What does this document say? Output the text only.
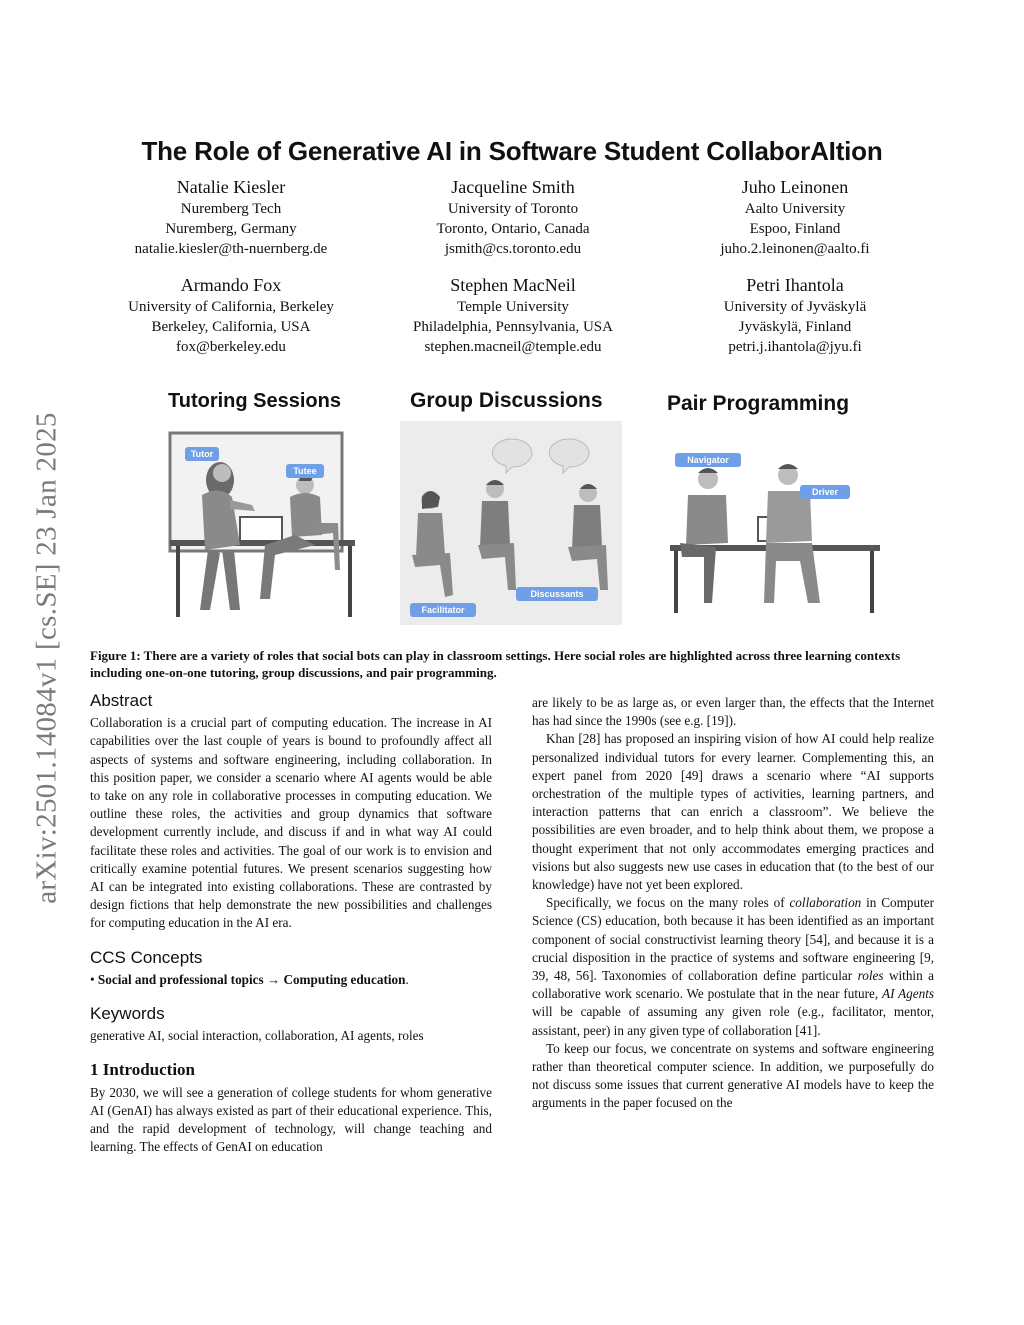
arXiv:2501.14084v1 [cs.SE] 23 Jan 2025
The Role of Generative AI in Software Student CollaborAItion
Natalie Kiesler
Nuremberg Tech
Nuremberg, Germany
natalie.kiesler@th-nuernberg.de
Jacqueline Smith
University of Toronto
Toronto, Ontario, Canada
jsmith@cs.toronto.edu
Juho Leinonen
Aalto University
Espoo, Finland
juho.2.leinonen@aalto.fi
Armando Fox
University of California, Berkeley
Berkeley, California, USA
fox@berkeley.edu
Stephen MacNeil
Temple University
Philadelphia, Pennsylvania, USA
stephen.macneil@temple.edu
Petri Ihantola
University of Jyväskylä
Jyväskylä, Finland
petri.j.ihantola@jyu.fi
Tutoring Sessions	Group Discussions	Pair Programming
Tutor
Tutee
Facilitator
Discussants
Navigator
Driver

Figure 1: There are a variety of roles that social bots can play in classroom settings. Here social roles are highlighted across three learning contexts including one-on-one tutoring, group discussions, and pair programming.

Abstract

Collaboration is a crucial part of computing education. The increase in AI capabilities over the last couple of years is bound to profoundly affect all aspects of systems and software engineering, including collaboration. In this position paper, we consider a scenario where AI agents would be able to take on any role in collaborative processes in computing education. We outline these roles, the activities and group dynamics that software development currently include, and discuss if and in what way AI could facilitate these roles and activities. The goal of our work is to envision and critically examine potential futures. We present scenarios suggesting how AI can be integrated into existing collaborations. These are contrasted by design fictions that help demonstrate the new possibilities and challenges for computing education in the AI era.

CCS Concepts

• Social and professional topics → Computing education.

Keywords

generative AI, social interaction, collaboration, AI agents, roles

1 Introduction

By 2030, we will see a generation of college students for whom generative AI (GenAI) has always existed as part of their educational experience. This, and the rapid development of technology, will change teaching and learning. The effects of GenAI on education

are likely to be as large as, or even larger than, the effects that the Internet has had since the 1990s (see e.g. [19]).

Khan [28] has proposed an inspiring vision of how AI could help realize personalized individual tutors for every learner. Complementing this, an expert panel from 2020 [49] draws a scenario where “AI supports orchestration of the multiple types of activities, learning partners, and interaction patterns that can enrich a classroom”. We believe the possibilities are even broader, and to help think about them, we propose a thought experiment that not only accommodates emerging practices and visions but also suggests new use cases in education that (to the best of our knowledge) have not yet been explored.

Specifically, we focus on the many roles of collaboration in Computer Science (CS) education, both because it has been identified as an important component of social constructivist learning theory [54], and because it is a crucial disposition in the practice of systems and software engineering [9, 39, 48, 56]. Taxonomies of collaboration define particular roles within a collaborative work scenario. We postulate that in the near future, AI Agents will be capable of assuming any given role (e.g., facilitator, mentor, assistant, peer) in any given type of collaboration [41].

To keep our focus, we concentrate on systems and software engineering rather than theoretical computer science. In addition, we purposefully do not discuss some issues that current generative AI models have to keep the arguments in the paper focused on the
